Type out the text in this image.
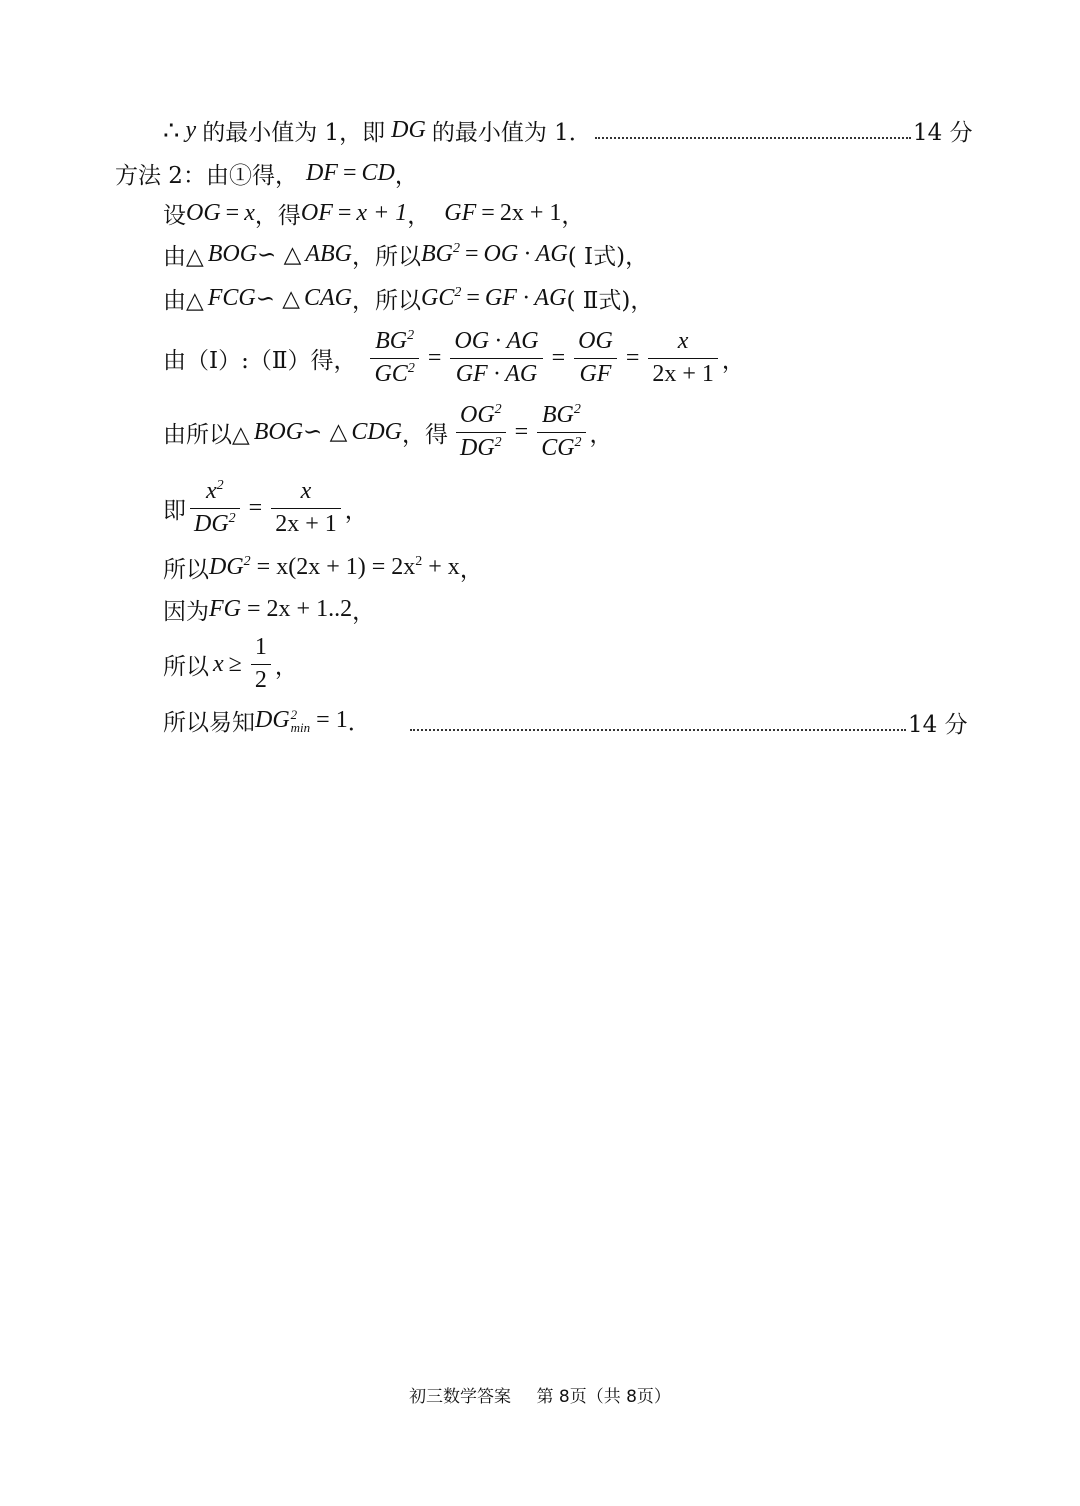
∴ y 的最小值为 1，即 DG 的最小值为 1．	14 分
方法 2：由①得， DF = CD ，
设 OG = x ，得 OF = x + 1 ， GF = 2x + 1 ，
由△ BOG ∽ △ ABG ，所以 $BG^2$ = OG · AG ( Ⅰ式)，
由△ FCG ∽ △ CAG ，所以 $GC^2$ = GF · AG ( Ⅱ式)，
由（Ⅰ）:（Ⅱ）得， $\frac{BG^2}{GC^2} = \frac{OG \cdot AG}{GF \cdot AG} = \frac{OG}{GF} = \frac{x}{2x + 1}$ ，
由所以△ BOG ∽ △ CDG ，得 $\frac{OG^2}{DG^2} = \frac{BG^2}{CG^2}$ ，
即 $\frac{x^2}{DG^2} = \frac{x}{2x + 1}$ ，
所以 $DG^2 = x(2x + 1) = 2x^2 + x$ ，
因为 FG = 2x + 1..2 ，
所以 $x \ge \frac{1}{2}$ ，
所以易知 DG 2
min = 1 ．	14 分
初三数学答案 第 8页（共 8页）
